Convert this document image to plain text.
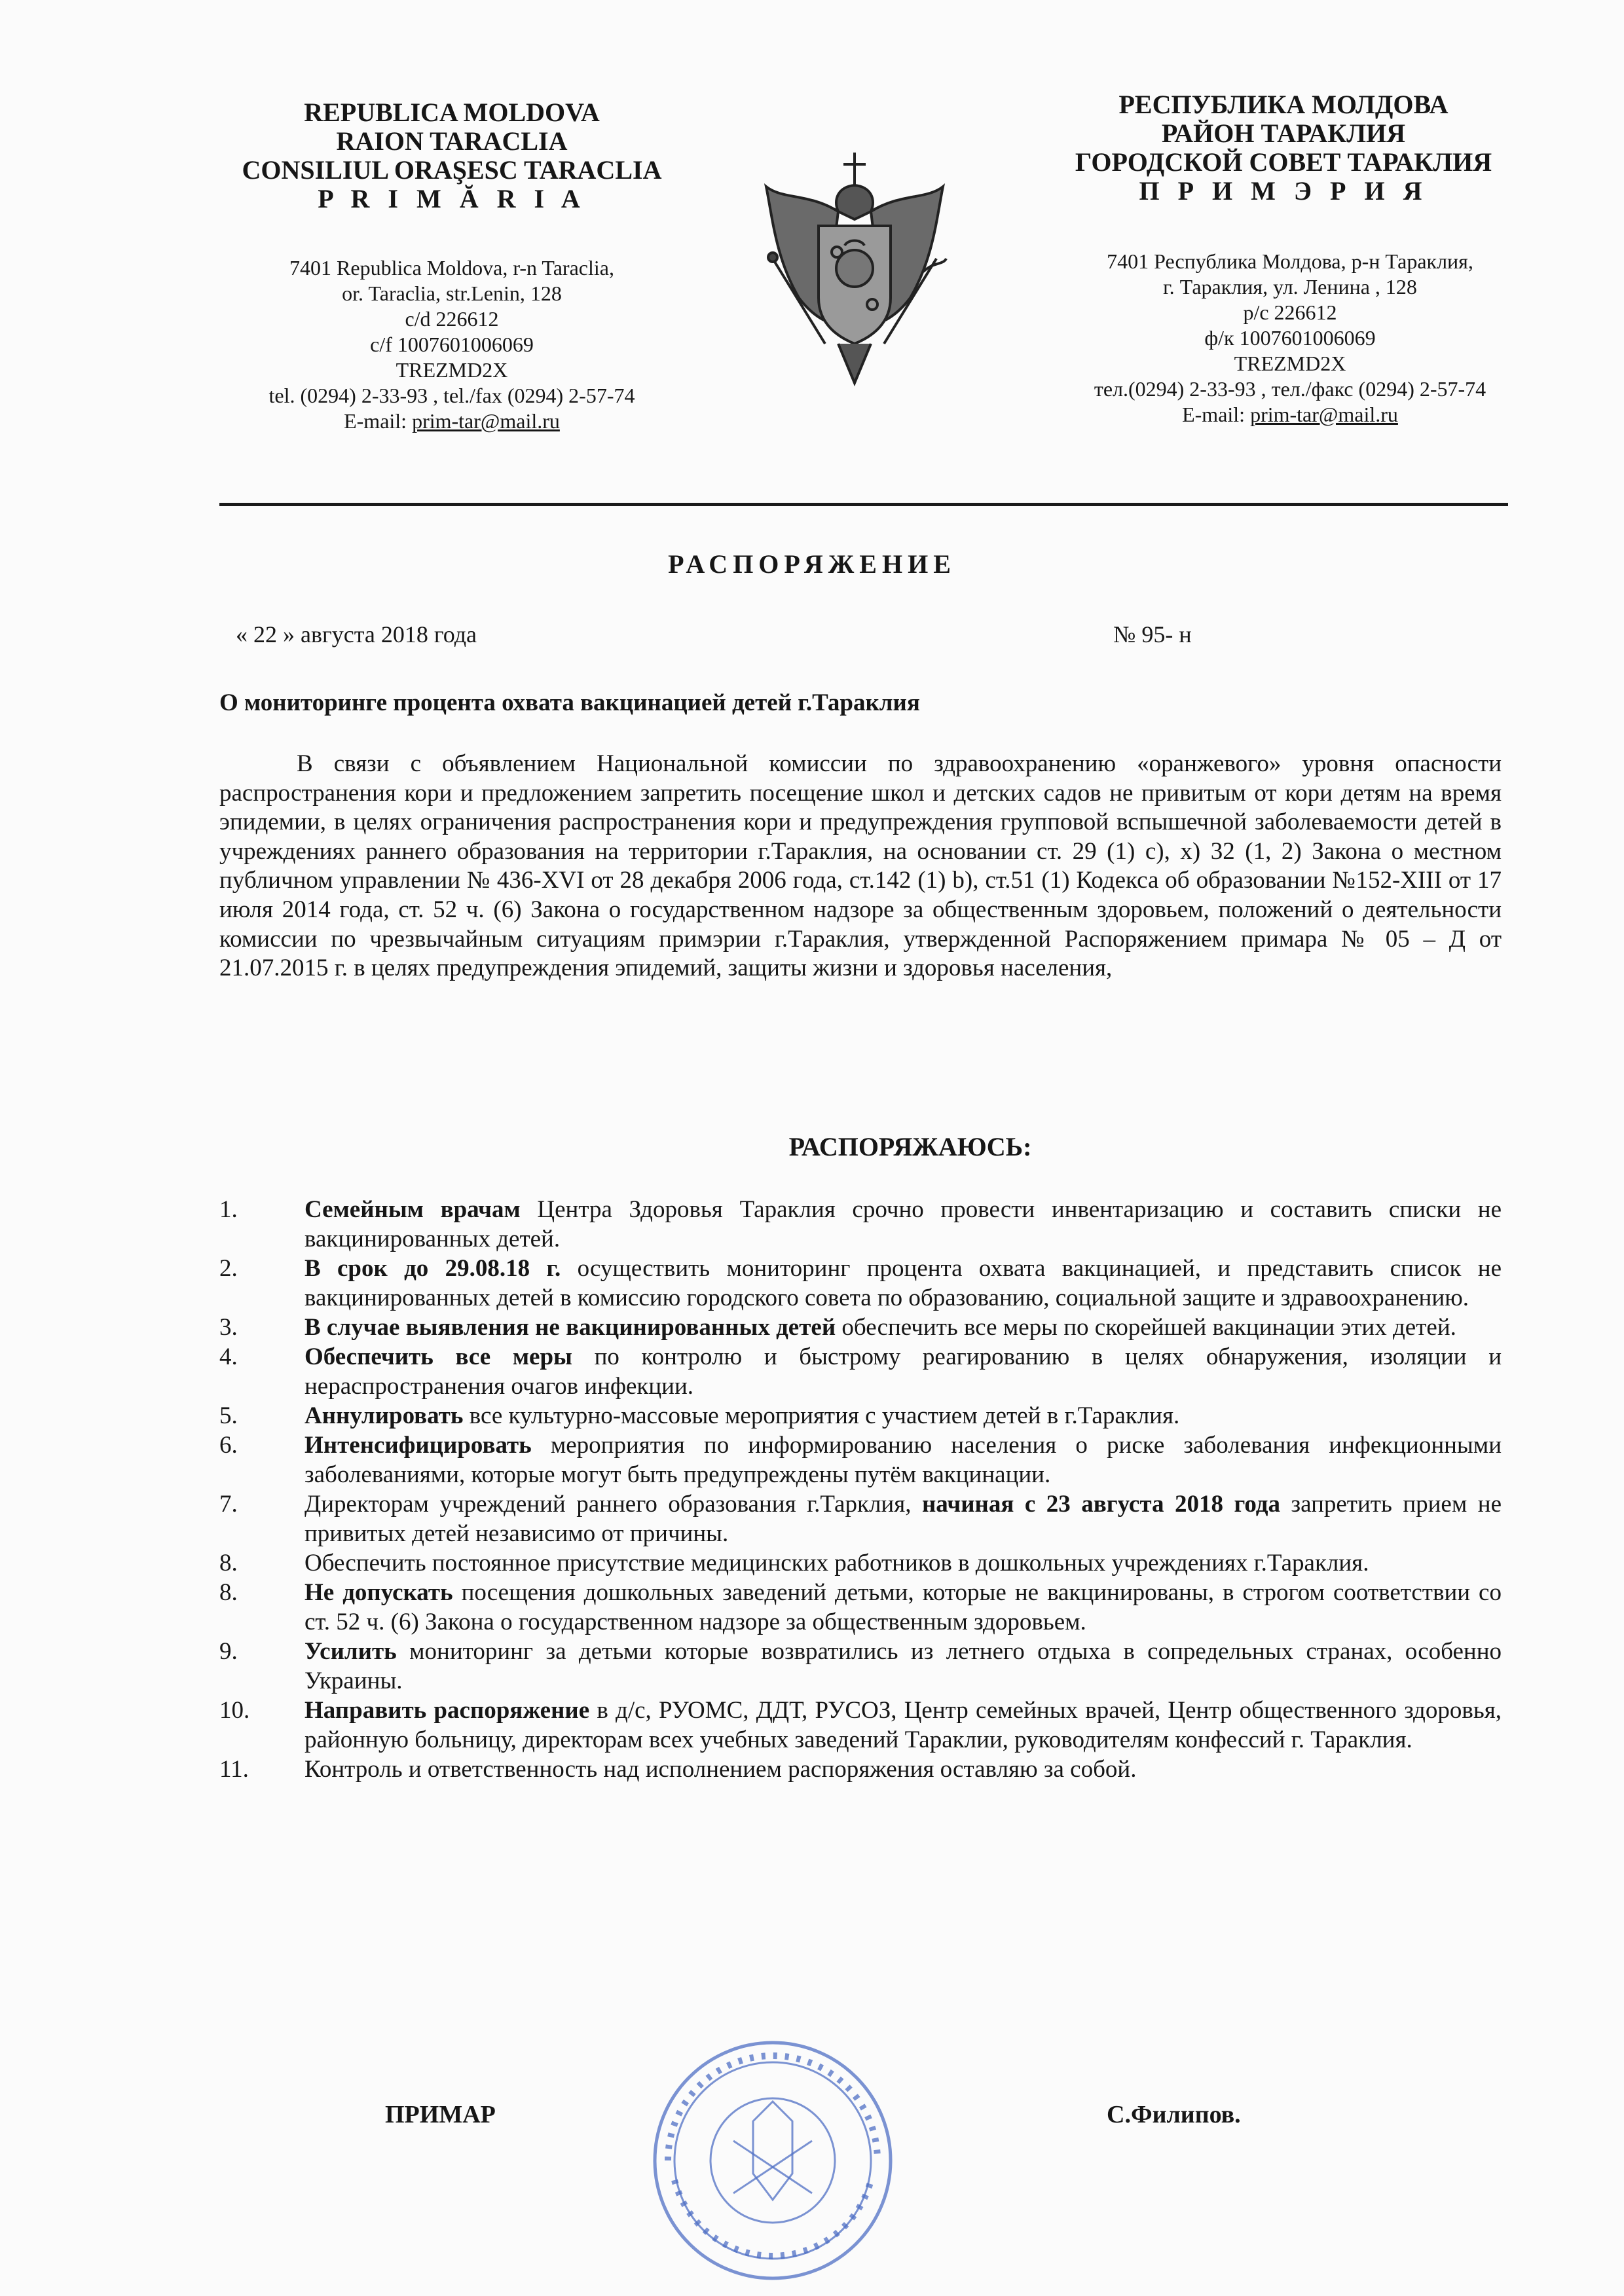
REPUBLICA MOLDOVA
RAION TARACLIA
CONSILIUL ORAŞESC TARACLIA
P R I M Ă R I A
7401 Republica Moldova, r-n Taraclia,
or. Taraclia, str.Lenin, 128
c/d 226612
c/f 1007601006069
TREZMD2X
tel. (0294) 2-33-93 , tel./fax (0294) 2-57-74
E-mail: prim-tar@mail.ru
РЕСПУБЛИКА МОЛДОВА
РАЙОН ТАРАКЛИЯ
ГОРОДСКОЙ СОВЕТ ТАРАКЛИЯ
П Р И М Э Р И Я
7401 Республика Молдова, р-н Тараклия,
г. Тараклия, ул. Ленина , 128
р/с 226612
ф/к 1007601006069
TREZMD2X
тел.(0294) 2-33-93 , тел./факс (0294) 2-57-74
E-mail: prim-tar@mail.ru
РАСПОРЯЖЕНИЕ
« 22 » августа 2018 года	№ 95- н
О мониторинге процента охвата вакцинацией детей г.Тараклия
В связи с объявлением Национальной комиссии по здравоохранению «оранжевого» уровня опасности распространения кори и предложением запретить посещение школ и детских садов не привитым от кори детям на время эпидемии, в целях ограничения распространения кори и предупреждения групповой вспышечной заболеваемости детей в учреждениях раннего образования на территории г.Тараклия, на основании ст. 29 (1) с), х) 32 (1, 2) Закона о местном публичном управлении № 436-XVI от 28 декабря 2006 года, ст.142 (1) b), ст.51 (1) Кодекса об образовании №152-XIII от 17 июля 2014 года, ст. 52 ч. (6) Закона о государственном надзоре за общественным здоровьем, положений о деятельности комиссии по чрезвычайным ситуациям примэрии г.Тараклия, утвержденной Распоряжением примара № 05 – Д от 21.07.2015 г. в целях предупреждения эпидемий, защиты жизни и здоровья населения,
РАСПОРЯЖАЮСЬ:
1.	Семейным врачам Центра Здоровья Тараклия срочно провести инвентаризацию и составить списки не вакцинированных детей.
2.	В срок до 29.08.18 г. осуществить мониторинг процента охвата вакцинацией, и представить список не вакцинированных детей в комиссию городского совета по образованию, социальной защите и здравоохранению.
3.	В случае выявления не вакцинированных детей обеспечить все меры по скорейшей вакцинации этих детей.
4.	Обеспечить все меры по контролю и быстрому реагированию в целях обнаружения, изоляции и нераспространения очагов инфекции.
5.	Аннулировать все культурно-массовые мероприятия с участием детей в г.Тараклия.
6.	Интенсифицировать мероприятия по информированию населения о риске заболевания инфекционными заболеваниями, которые могут быть предупреждены путём вакцинации.
7.	Директорам учреждений раннего образования г.Тарклия, начиная с 23 августа 2018 года запретить прием не привитых детей независимо от причины.
8.	Обеспечить постоянное присутствие медицинских работников в дошкольных учреждениях г.Тараклия.
8.	Не допускать посещения дошкольных заведений детьми, которые не вакцинированы, в строгом соответствии со ст. 52 ч. (6) Закона о государственном надзоре за общественным здоровьем.
9.	Усилить мониторинг за детьми которые возвратились из летнего отдыха в сопредельных странах, особенно Украины.
10. Направить распоряжение в д/с, РУОМС, ДДТ, РУСОЗ, Центр семейных врачей, Центр общественного здоровья, районную больницу, директорам всех учебных заведений Тараклии, руководителям конфессий г. Тараклия.
11. Контроль и ответственность над исполнением распоряжения оставляю за собой.
ПРИМАР	С.Филипов.
